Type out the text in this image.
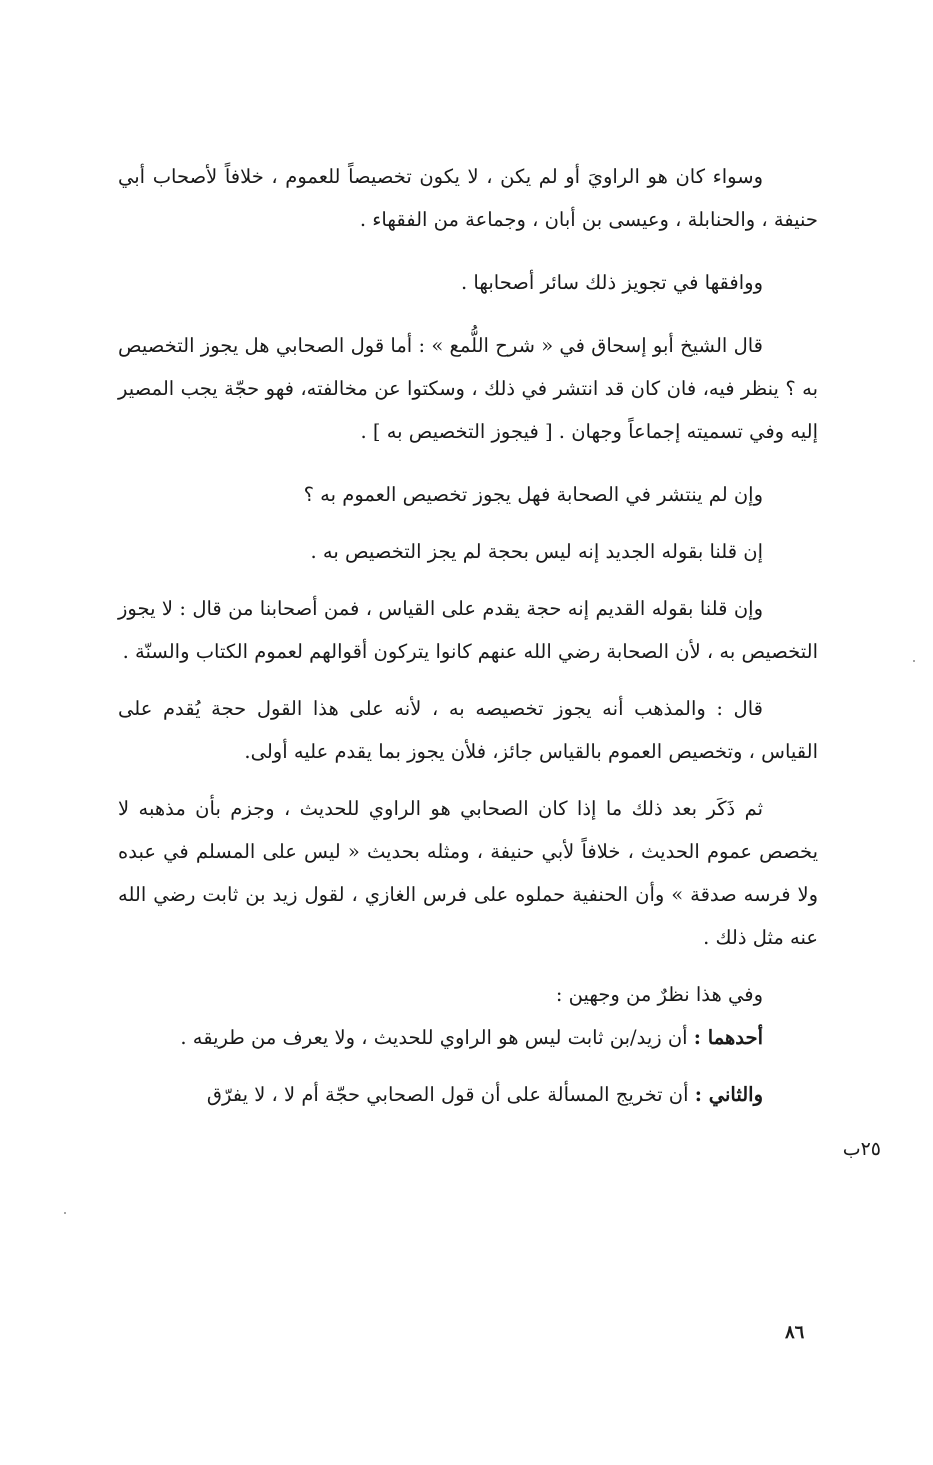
وسواء كان هو الراويَ أو لم يكن ، لا يكون تخصيصاً للعموم ، خلافاً لأصحاب أبي حنيفة ، والحنابلة ، وعيسى بن أبان ، وجماعة من الفقهاء .

ووافقها في تجويز ذلك سائر أصحابها .

قال الشيخ أبو إسحاق في « شرح اللُّمع » : أما قول الصحابي هل يجوز التخصيص به ؟ ينظر فيه، فان كان قد انتشر في ذلك ، وسكتوا عن مخالفته، فهو حجّة يجب المصير إليه وفي تسميته إجماعاً وجهان . [ فيجوز التخصيص به ] .

وإن لم ينتشر في الصحابة فهل يجوز تخصيص العموم به ؟

إن قلنا بقوله الجديد إنه ليس بحجة لم يجز التخصيص به .

وإن قلنا بقوله القديم إنه حجة يقدم على القياس ، فمن أصحابنا من قال : لا يجوز التخصيص به ، لأن الصحابة رضي الله عنهم كانوا يتركون أقوالهم لعموم الكتاب والسنّة .

قال : والمذهب أنه يجوز تخصيصه به ، لأنه على هذا القول حجة يُقدم على القياس ، وتخصيص العموم بالقياس جائز، فلأن يجوز بما يقدم عليه أولى.

ثم ذَكَر بعد ذلك ما إذا كان الصحابي هو الراوي للحديث ، وجزم بأن مذهبه لا يخصص عموم الحديث ، خلافاً لأبي حنيفة ، ومثله بحديث « ليس على المسلم في عبده ولا فرسه صدقة » وأن الحنفية حملوه على فرس الغازي ، لقول زيد بن ثابت رضي الله عنه مثل ذلك .

وفي هذا نظرٌ من وجهين :

أحدهما : أن زيد/بن ثابت ليس هو الراوي للحديث ، ولا يعرف من طريقه .

والثاني : أن تخريج المسألة على أن قول الصحابي حجّة أم لا ، لا يفرّق

٢٥ب
٨٦
